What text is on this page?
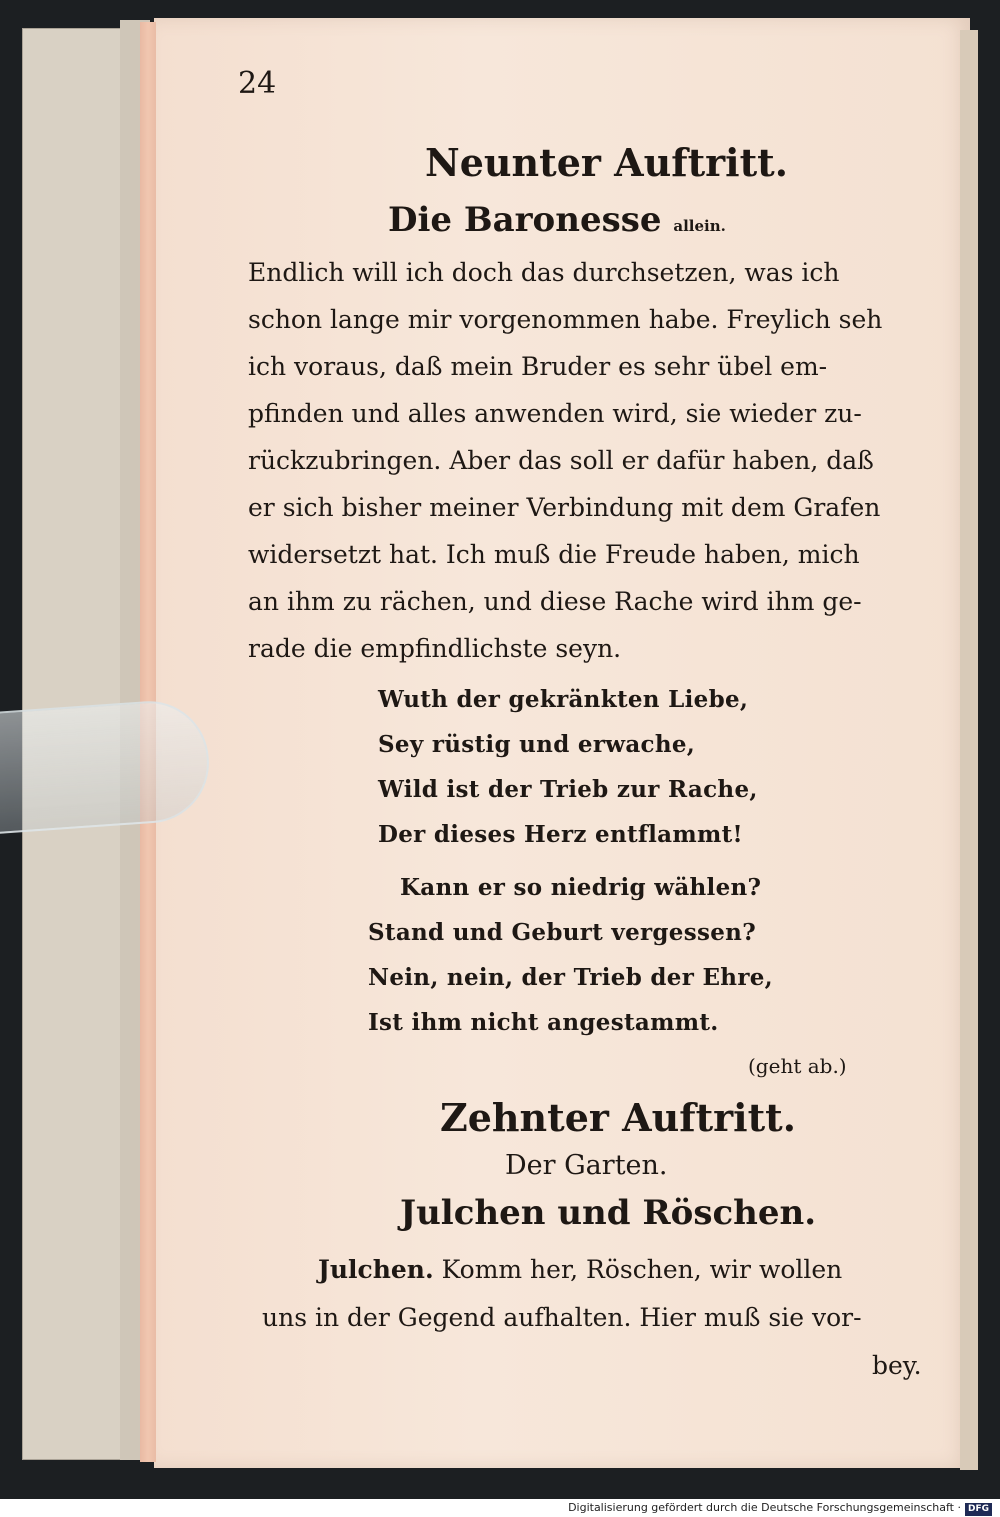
24
Neunter Auftritt.
Die Baronesse allein.
Endlich will ich doch das durchsetzen, was ich
schon lange mir vorgenommen habe. Freylich seh
ich voraus, daß mein Bruder es sehr übel em-
pfinden und alles anwenden wird, sie wieder zu-
rückzubringen. Aber das soll er dafür haben, daß
er sich bisher meiner Verbindung mit dem Grafen
widersetzt hat. Ich muß die Freude haben, mich
an ihm zu rächen, und diese Rache wird ihm ge-
rade die empfindlichste seyn.
Wuth der gekränkten Liebe,
Sey rüstig und erwache,
Wild ist der Trieb zur Rache,
Der dieses Herz entflammt!
Kann er so niedrig wählen?
Stand und Geburt vergessen?
Nein, nein, der Trieb der Ehre,
Ist ihm nicht angestammt.
(geht ab.)
Zehnter Auftritt.
Der Garten.
Julchen und Röschen.
Julchen. Komm her, Röschen, wir wollen
uns in der Gegend aufhalten. Hier muß sie vor-
bey.
Digitalisierung gefördert durch die Deutsche Forschungsgemeinschaft · DFG
